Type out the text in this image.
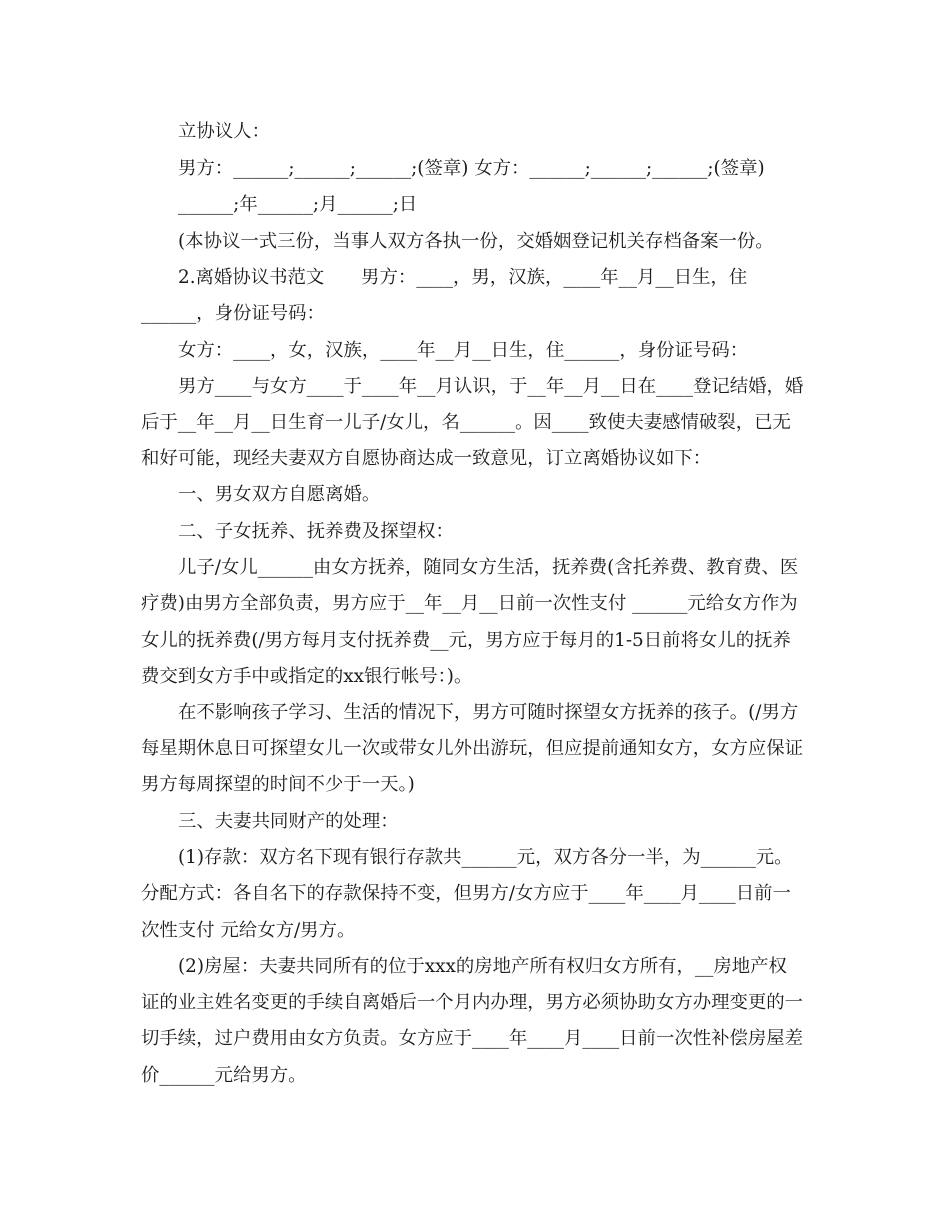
立协议人：
男方：______;______;______;(签章) 女方：______;______;______;(签章)
______;年______;月______;日
(本协议一式三份，当事人双方各执一份，交婚姻登记机关存档备案一份。
2.离婚协议书范文　　男方：____，男，汉族，____年__月__日生，住
______，身份证号码：
女方：____，女，汉族，____年__月__日生，住______，身份证号码：
男方____与女方____于____年__月认识，于__年__月__日在____登记结婚，婚
后于__年__月__日生育一儿子/女儿，名______。因____致使夫妻感情破裂，已无
和好可能，现经夫妻双方自愿协商达成一致意见，订立离婚协议如下：
一、男女双方自愿离婚。
二、子女抚养、抚养费及探望权：
儿子/女儿______由女方抚养，随同女方生活，抚养费(含托养费、教育费、医
疗费)由男方全部负责，男方应于__年__月__日前一次性支付 ______元给女方作为
女儿的抚养费(/男方每月支付抚养费__元，男方应于每月的1-5日前将女儿的抚养
费交到女方手中或指定的xx银行帐号：)。
在不影响孩子学习、生活的情况下，男方可随时探望女方抚养的孩子。(/男方
每星期休息日可探望女儿一次或带女儿外出游玩，但应提前通知女方，女方应保证
男方每周探望的时间不少于一天。)
三、夫妻共同财产的处理：
(1)存款：双方名下现有银行存款共______元，双方各分一半，为______元。
分配方式：各自名下的存款保持不变，但男方/女方应于____年____月____日前一
次性支付 元给女方/男方。
(2)房屋：夫妻共同所有的位于xxx的房地产所有权归女方所有，__房地产权
证的业主姓名变更的手续自离婚后一个月内办理，男方必须协助女方办理变更的一
切手续，过户费用由女方负责。女方应于____年____月____日前一次性补偿房屋差
价______元给男方。
